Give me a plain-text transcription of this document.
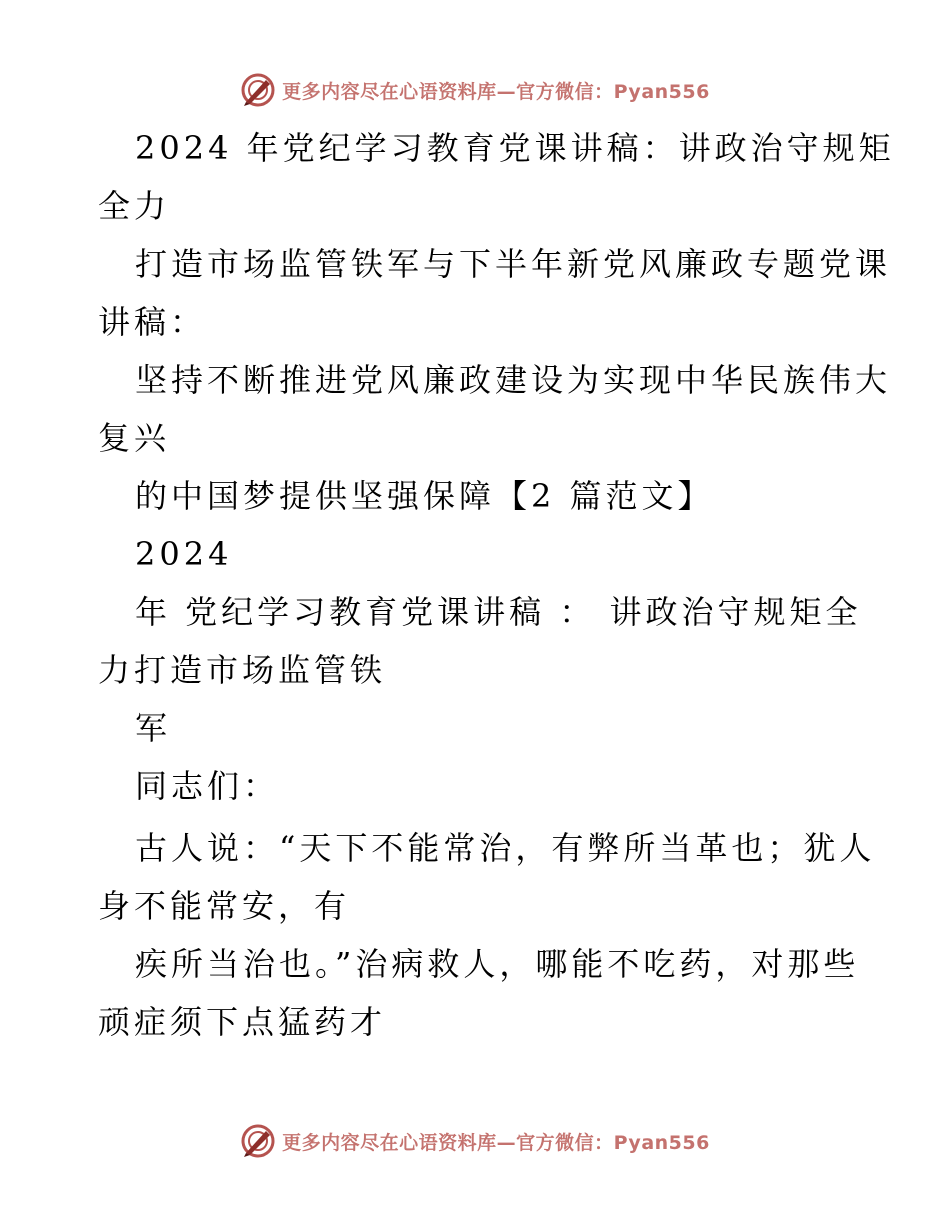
更多内容尽在心语资料库—官方微信：Pyan556
2024 年党纪学习教育党课讲稿：讲政治守规矩
全力
打造市场监管铁军与下半年新党风廉政专题党课
讲稿：
坚持不断推进党风廉政建设为实现中华民族伟大
复兴
的中国梦提供坚强保障【2 篇范文】
2024
年 党纪学习教育党课讲稿 ： 讲政治守规矩全
力打造市场监管铁
军
同志们：
古人说：“天下不能常治，有弊所当革也；犹人
身不能常安，有
疾所当治也。”治病救人，哪能不吃药，对那些
顽症须下点猛药才
更多内容尽在心语资料库—官方微信：Pyan556
